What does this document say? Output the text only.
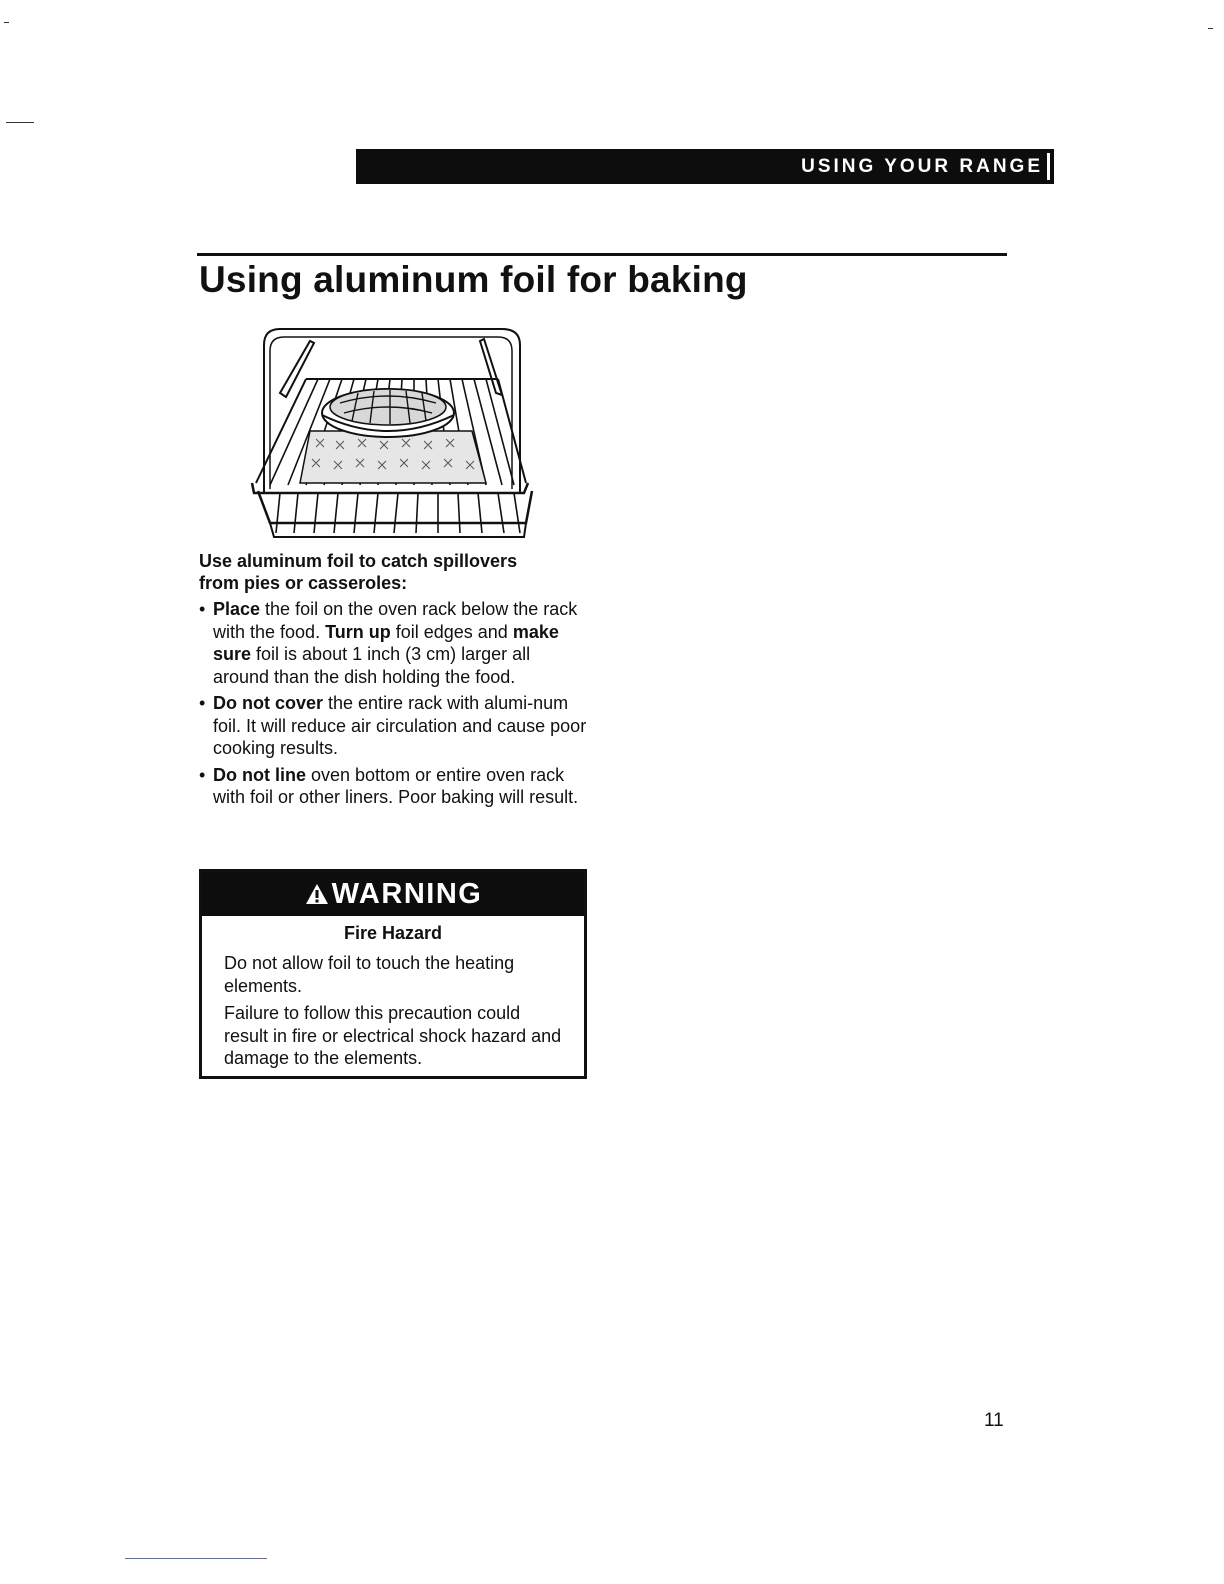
USING YOUR RANGE
Using aluminum foil for baking

Use aluminum foil to catch spillovers
from pies or casseroles:

• Place the foil on the oven rack below the rack with the food. Turn up foil edges and make sure foil is about 1 inch (3 cm) larger all around than the dish holding the food.
• Do not cover the entire rack with alumi-num foil. It will reduce air circulation and cause poor cooking results.
• Do not line oven bottom or entire oven rack with foil or other liners. Poor baking will result.
WARNING

Fire Hazard

Do not allow foil to touch the heating elements.

Failure to follow this precaution could result in fire or electrical shock hazard and damage to the elements.

11
